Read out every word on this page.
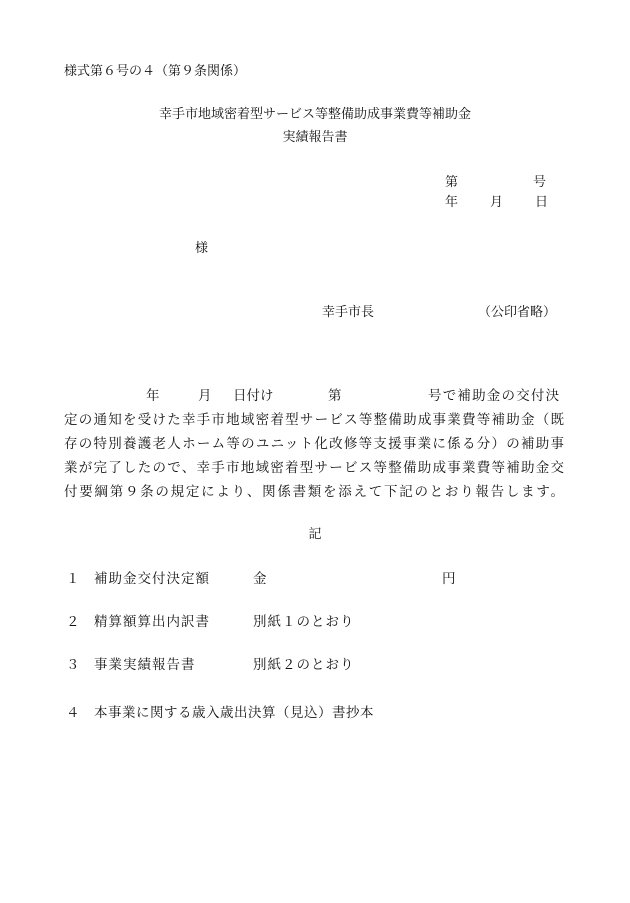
様式第６号の４（第９条関係）
幸手市地域密着型サービス等整備助成事業費等補助金
実績報告書
第	号
年 月 日
様
幸手市長	（公印省略）
年	月 日付け	第	号で補助金の交付決
定の通知を受けた幸手市地域密着型サービス等整備助成事業費等補助金（既
存の特別養護老人ホーム等のユニット化改修等支援事業に係る分）の補助事
業が完了したので、幸手市地域密着型サービス等整備助成事業費等補助金交
付要綱第９条の規定により、関係書類を添えて下記のとおり報告します。
記
１ 補助金交付決定額	金	円
２ 精算額算出内訳書	別紙１のとおり
３ 事業実績報告書	別紙２のとおり
４ 本事業に関する歳入歳出決算（見込）書抄本
